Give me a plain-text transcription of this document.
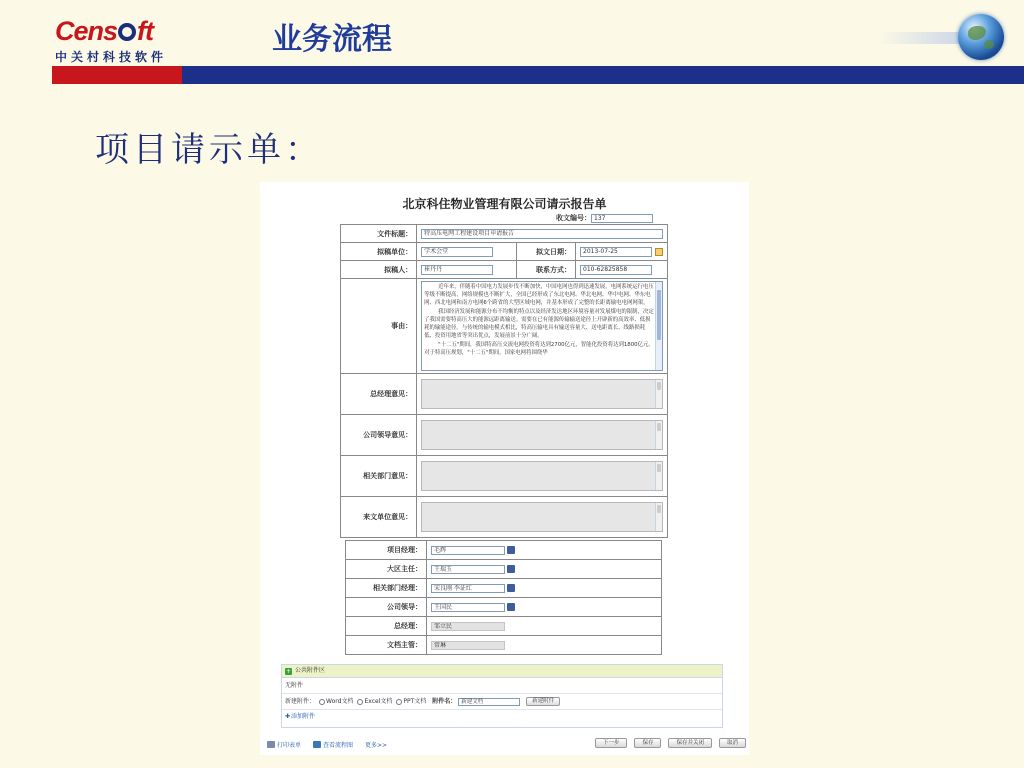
Cens ft
中关村科技软件	业务流程
项目请示单：
北京科住物业管理有限公司请示报告单
收文编号： 137
文件标题：	特高压电网工程建设项目申请报告		

拟稿单位：	学术会堂	拟文日期：	2013-07-25

拟稿人：	崔丹丹	联系方式：	010-62825858

事由：	近年来，伴随着中国电力发展步伐不断加快，中国电网也得到迅速发展，电网系统运行电压等级不断提高，网络规模也不断扩大，全国已经形成了东北电网、华北电网、华中电网、华东电网、西北电网和南方电网6个跨省的大型区域电网，并基本形成了完整的长距离输电电网网架。

我国经济发展和能源分布不均衡的特点以及经济发达地区环境容量对发展煤电的限制，决定了我国需要特高压大的能源远距离输送。需要在已有能源传输输送途径上开辟新的高效率、低损耗的输能途径。与传统的输电模式相比，特高压输电具有输送容量大、送电距离长、线路损耗低、投资用地省等突出优点，发展前景十分广阔。

"十二五"期间，我国特高压交流电网投资将达到2700亿元，智能化投资将达到1800亿元。对于特高压规划，"十二五"期间，国家电网将围绕华		

总经理意见：			

公司领导意见：			

相关部门意见：			

来文单位意见：			
项目经理：	毛辉
大区主任：	王瑞玉
相关部门经理：	宋良刚 李证红
公司领导：	王国民
总经理：	邹立民
文档主管：	常琳
+ 公共附件区
无附件
新建附件： Word文档 Excel文档 PPT文档 附件名： 新建文档	新建附件
✚ 添加附件
打印表单	查看流程图 更多>>	下一步	保存	保存并关闭	取消
